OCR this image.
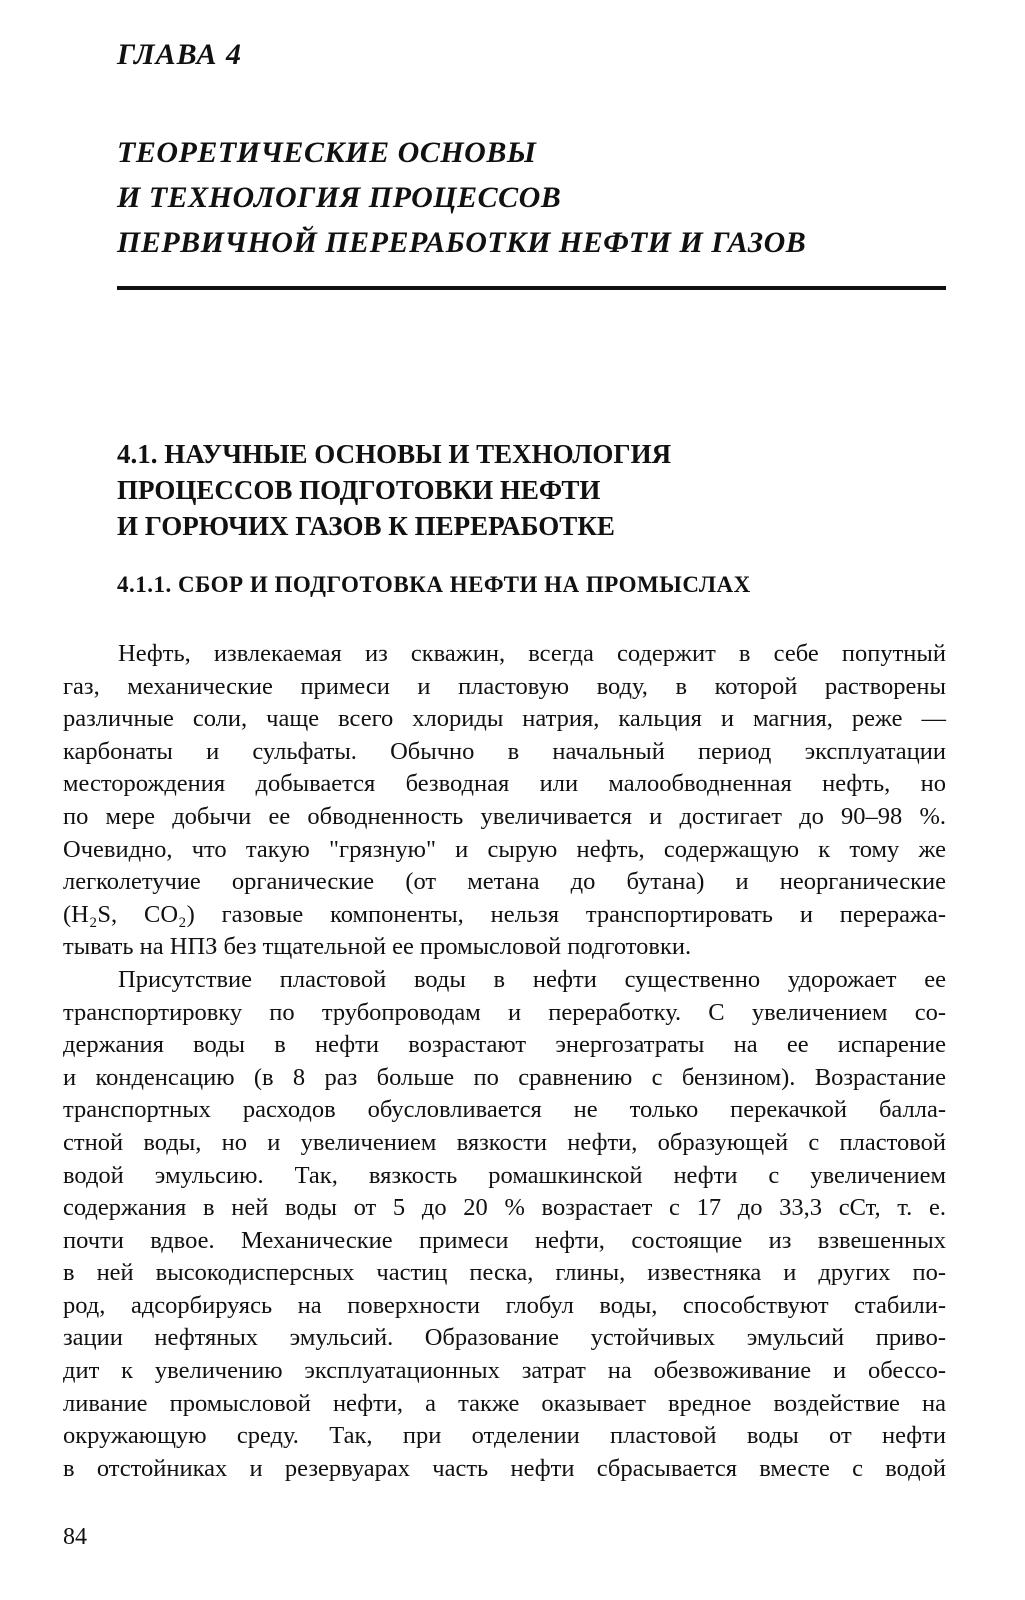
ГЛАВА 4
ТЕОРЕТИЧЕСКИЕ ОСНОВЫ
И ТЕХНОЛОГИЯ ПРОЦЕССОВ
ПЕРВИЧНОЙ ПЕРЕРАБОТКИ НЕФТИ И ГАЗОВ
4.1. НАУЧНЫЕ ОСНОВЫ И ТЕХНОЛОГИЯ
ПРОЦЕССОВ ПОДГОТОВКИ НЕФТИ
И ГОРЮЧИХ ГАЗОВ К ПЕРЕРАБОТКЕ
4.1.1. СБОР И ПОДГОТОВКА НЕФТИ НА ПРОМЫСЛАХ
Нефть, извлекаемая из скважин, всегда содержит в себе попутный
газ, механические примеси и пластовую воду, в которой растворены
различные соли, чаще всего хлориды натрия, кальция и магния, реже —
карбонаты и сульфаты. Обычно в начальный период эксплуатации
месторождения добывается безводная или малообводненная нефть, но
по мере добычи ее обводненность увеличивается и достигает до 90–98 %.
Очевидно, что такую "грязную" и сырую нефть, содержащую к тому же
легколетучие органические (от метана до бутана) и неорганические
(H₂S, CO₂) газовые компоненты, нельзя транспортировать и переража-
тывать на НПЗ без тщательной ее промысловой подготовки.
Присутствие пластовой воды в нефти существенно удорожает ее
транспортировку по трубопроводам и переработку. С увеличением со-
держания воды в нефти возрастают энергозатраты на ее испарение
и конденсацию (в 8 раз больше по сравнению с бензином). Возрастание
транспортных расходов обусловливается не только перекачкой балла-
стной воды, но и увеличением вязкости нефти, образующей с пластовой
водой эмульсию. Так, вязкость ромашкинской нефти с увеличением
содержания в ней воды от 5 до 20 % возрастает с 17 до 33,3 сСт, т. е.
почти вдвое. Механические примеси нефти, состоящие из взвешенных
в ней высокодисперсных частиц песка, глины, известняка и других по-
род, адсорбируясь на поверхности глобул воды, способствуют стабили-
зации нефтяных эмульсий. Образование устойчивых эмульсий приво-
дит к увеличению эксплуатационных затрат на обезвоживание и обессо-
ливание промысловой нефти, а также оказывает вредное воздействие на
окружающую среду. Так, при отделении пластовой воды от нефти
в отстойниках и резервуарах часть нефти сбрасывается вместе с водой

84
